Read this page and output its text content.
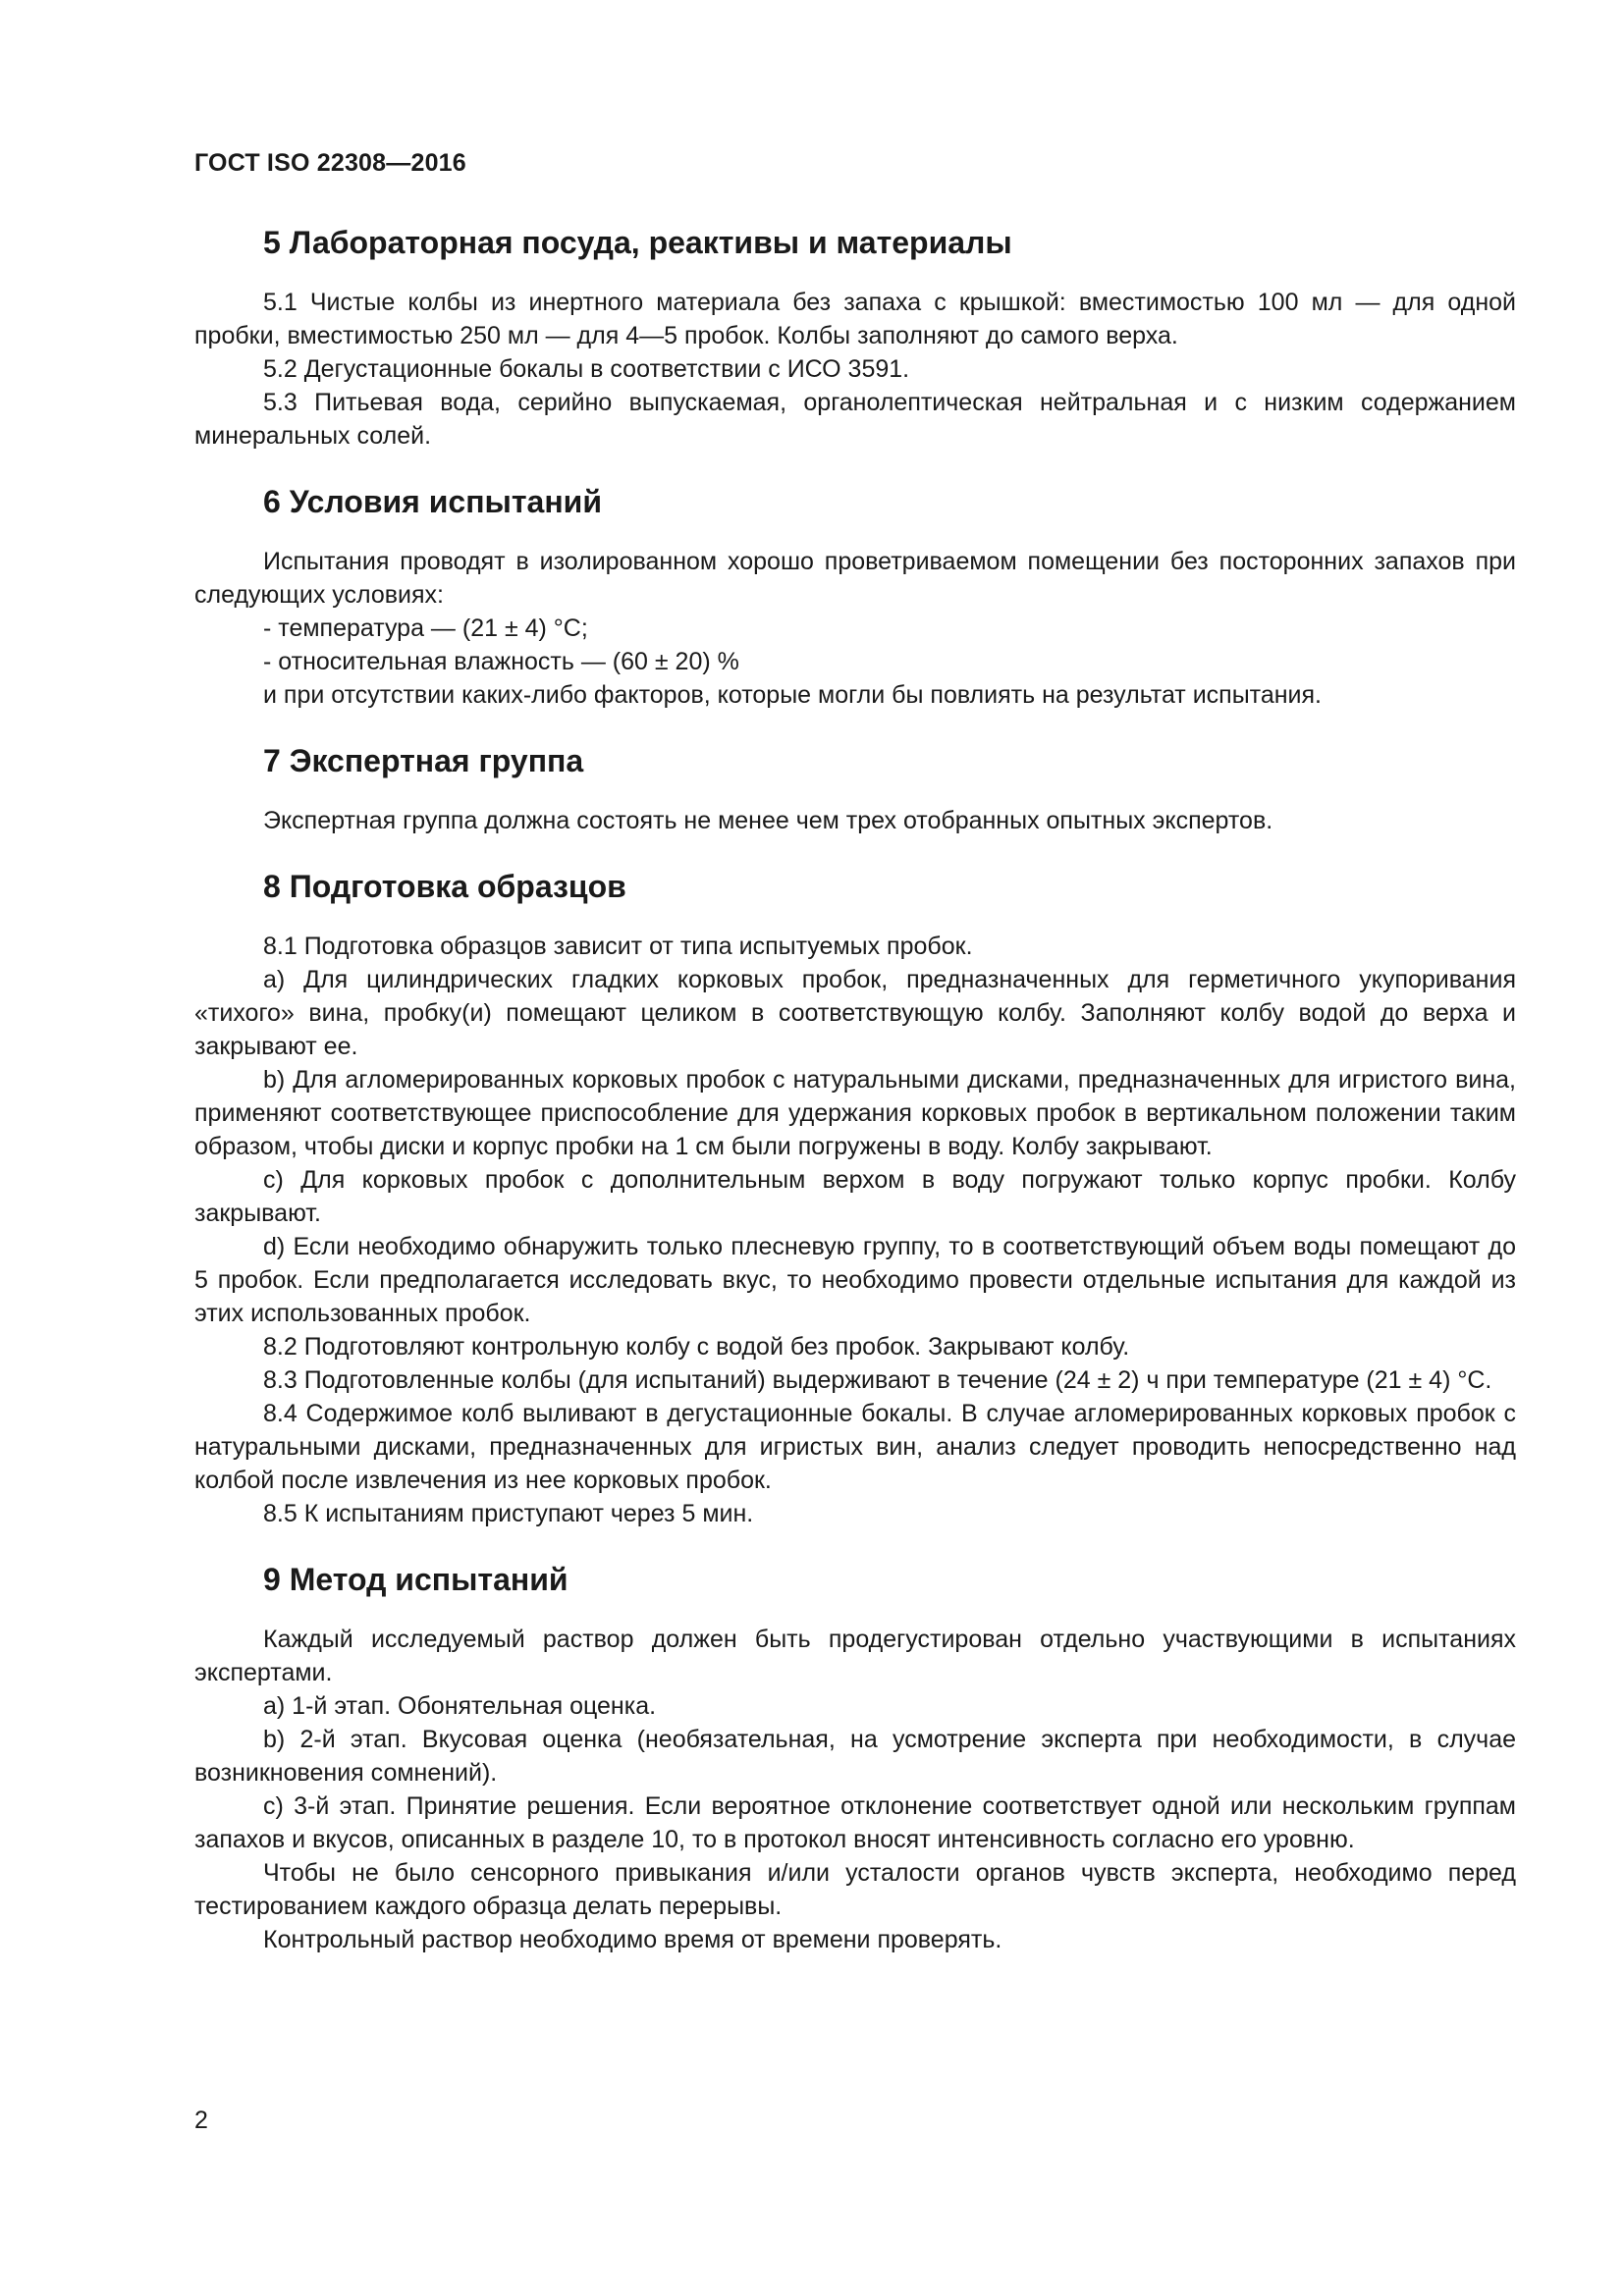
ГОСТ ISO 22308—2016
5 Лабораторная посуда, реактивы и материалы

5.1 Чистые колбы из инертного материала без запаха с крышкой: вместимостью 100 мл — для одной пробки, вместимостью 250 мл — для 4—5 пробок. Колбы заполняют до самого верха.

5.2 Дегустационные бокалы в соответствии с ИСО 3591.

5.3 Питьевая вода, серийно выпускаемая, органолептическая нейтральная и с низким содержанием минеральных солей.

6 Условия испытаний

Испытания проводят в изолированном хорошо проветриваемом помещении без посторонних запахов при следующих условиях:

- температура — (21 ± 4) °С;

- относительная влажность — (60 ± 20) %

и при отсутствии каких-либо факторов, которые могли бы повлиять на результат испытания.

7 Экспертная группа

Экспертная группа должна состоять не менее чем трех отобранных опытных экспертов.

8 Подготовка образцов

8.1 Подготовка образцов зависит от типа испытуемых пробок.

a) Для цилиндрических гладких корковых пробок, предназначенных для герметичного укупоривания «тихого» вина, пробку(и) помещают целиком в соответствующую колбу. Заполняют колбу водой до верха и закрывают ее.

b) Для агломерированных корковых пробок с натуральными дисками, предназначенных для игристого вина, применяют соответствующее приспособление для удержания корковых пробок в вертикальном положении таким образом, чтобы диски и корпус пробки на 1 см были погружены в воду. Колбу закрывают.

c) Для корковых пробок с дополнительным верхом в воду погружают только корпус пробки. Колбу закрывают.

d) Если необходимо обнаружить только плесневую группу, то в соответствующий объем воды помещают до 5 пробок. Если предполагается исследовать вкус, то необходимо провести отдельные испытания для каждой из этих использованных пробок.

8.2 Подготовляют контрольную колбу с водой без пробок. Закрывают колбу.

8.3 Подготовленные колбы (для испытаний) выдерживают в течение (24 ± 2) ч при температуре (21 ± 4) °С.

8.4 Содержимое колб выливают в дегустационные бокалы. В случае агломерированных корковых пробок с натуральными дисками, предназначенных для игристых вин, анализ следует проводить непосредственно над колбой после извлечения из нее корковых пробок.

8.5 К испытаниям приступают через 5 мин.

9 Метод испытаний

Каждый исследуемый раствор должен быть продегустирован отдельно участвующими в испытаниях экспертами.

a) 1-й этап. Обонятельная оценка.

b) 2-й этап. Вкусовая оценка (необязательная, на усмотрение эксперта при необходимости, в случае возникновения сомнений).

c) 3-й этап. Принятие решения. Если вероятное отклонение соответствует одной или нескольким группам запахов и вкусов, описанных в разделе 10, то в протокол вносят интенсивность согласно его уровню.

Чтобы не было сенсорного привыкания и/или усталости органов чувств эксперта, необходимо перед тестированием каждого образца делать перерывы.

Контрольный раствор необходимо время от времени проверять.

2
